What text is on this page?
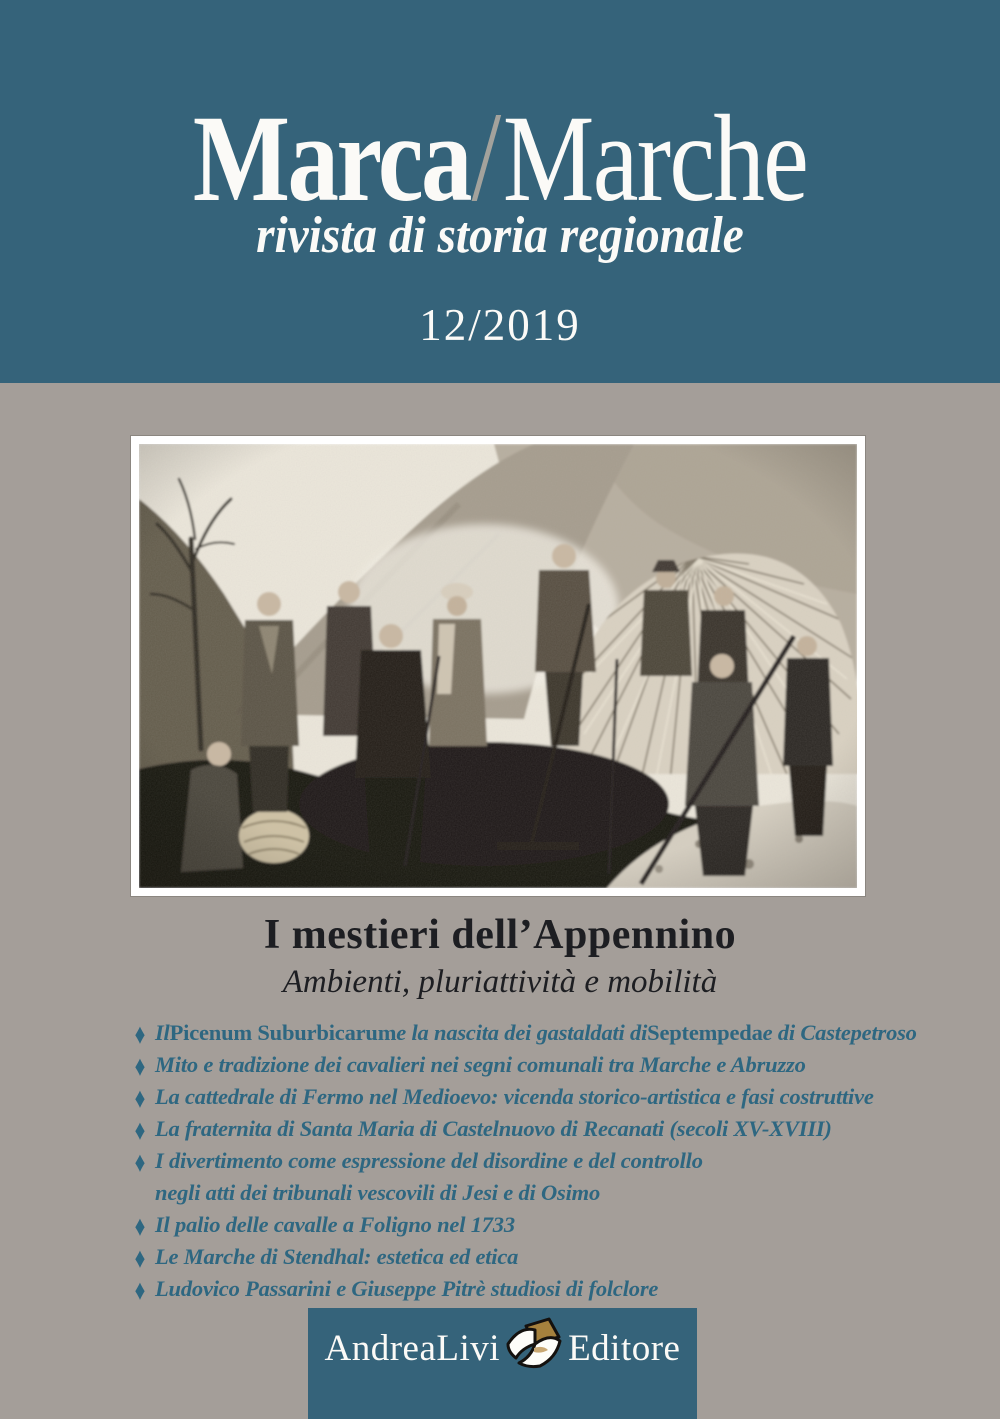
Marca/Marche
rivista di storia regionale
12/2019
I mestieri dell’Appennino
Ambienti, pluriattività e mobilità
♦ Il Picenum Suburbicarum e la nascita dei gastaldati di Septempeda e di Castepetroso
♦ Mito e tradizione dei cavalieri nei segni comunali tra Marche e Abruzzo
♦ La cattedrale di Fermo nel Medioevo: vicenda storico-artistica e fasi costruttive
♦ La fraternita di Santa Maria di Castelnuovo di Recanati (secoli XV-XVIII)
♦ I divertimento come espressione del disordine e del controllo
negli atti dei tribunali vescovili di Jesi e di Osimo
♦ Il palio delle cavalle a Foligno nel 1733
♦ Le Marche di Stendhal: estetica ed etica
♦ Ludovico Passarini e Giuseppe Pitrè studiosi di folclore
AndreaLivi Editore
